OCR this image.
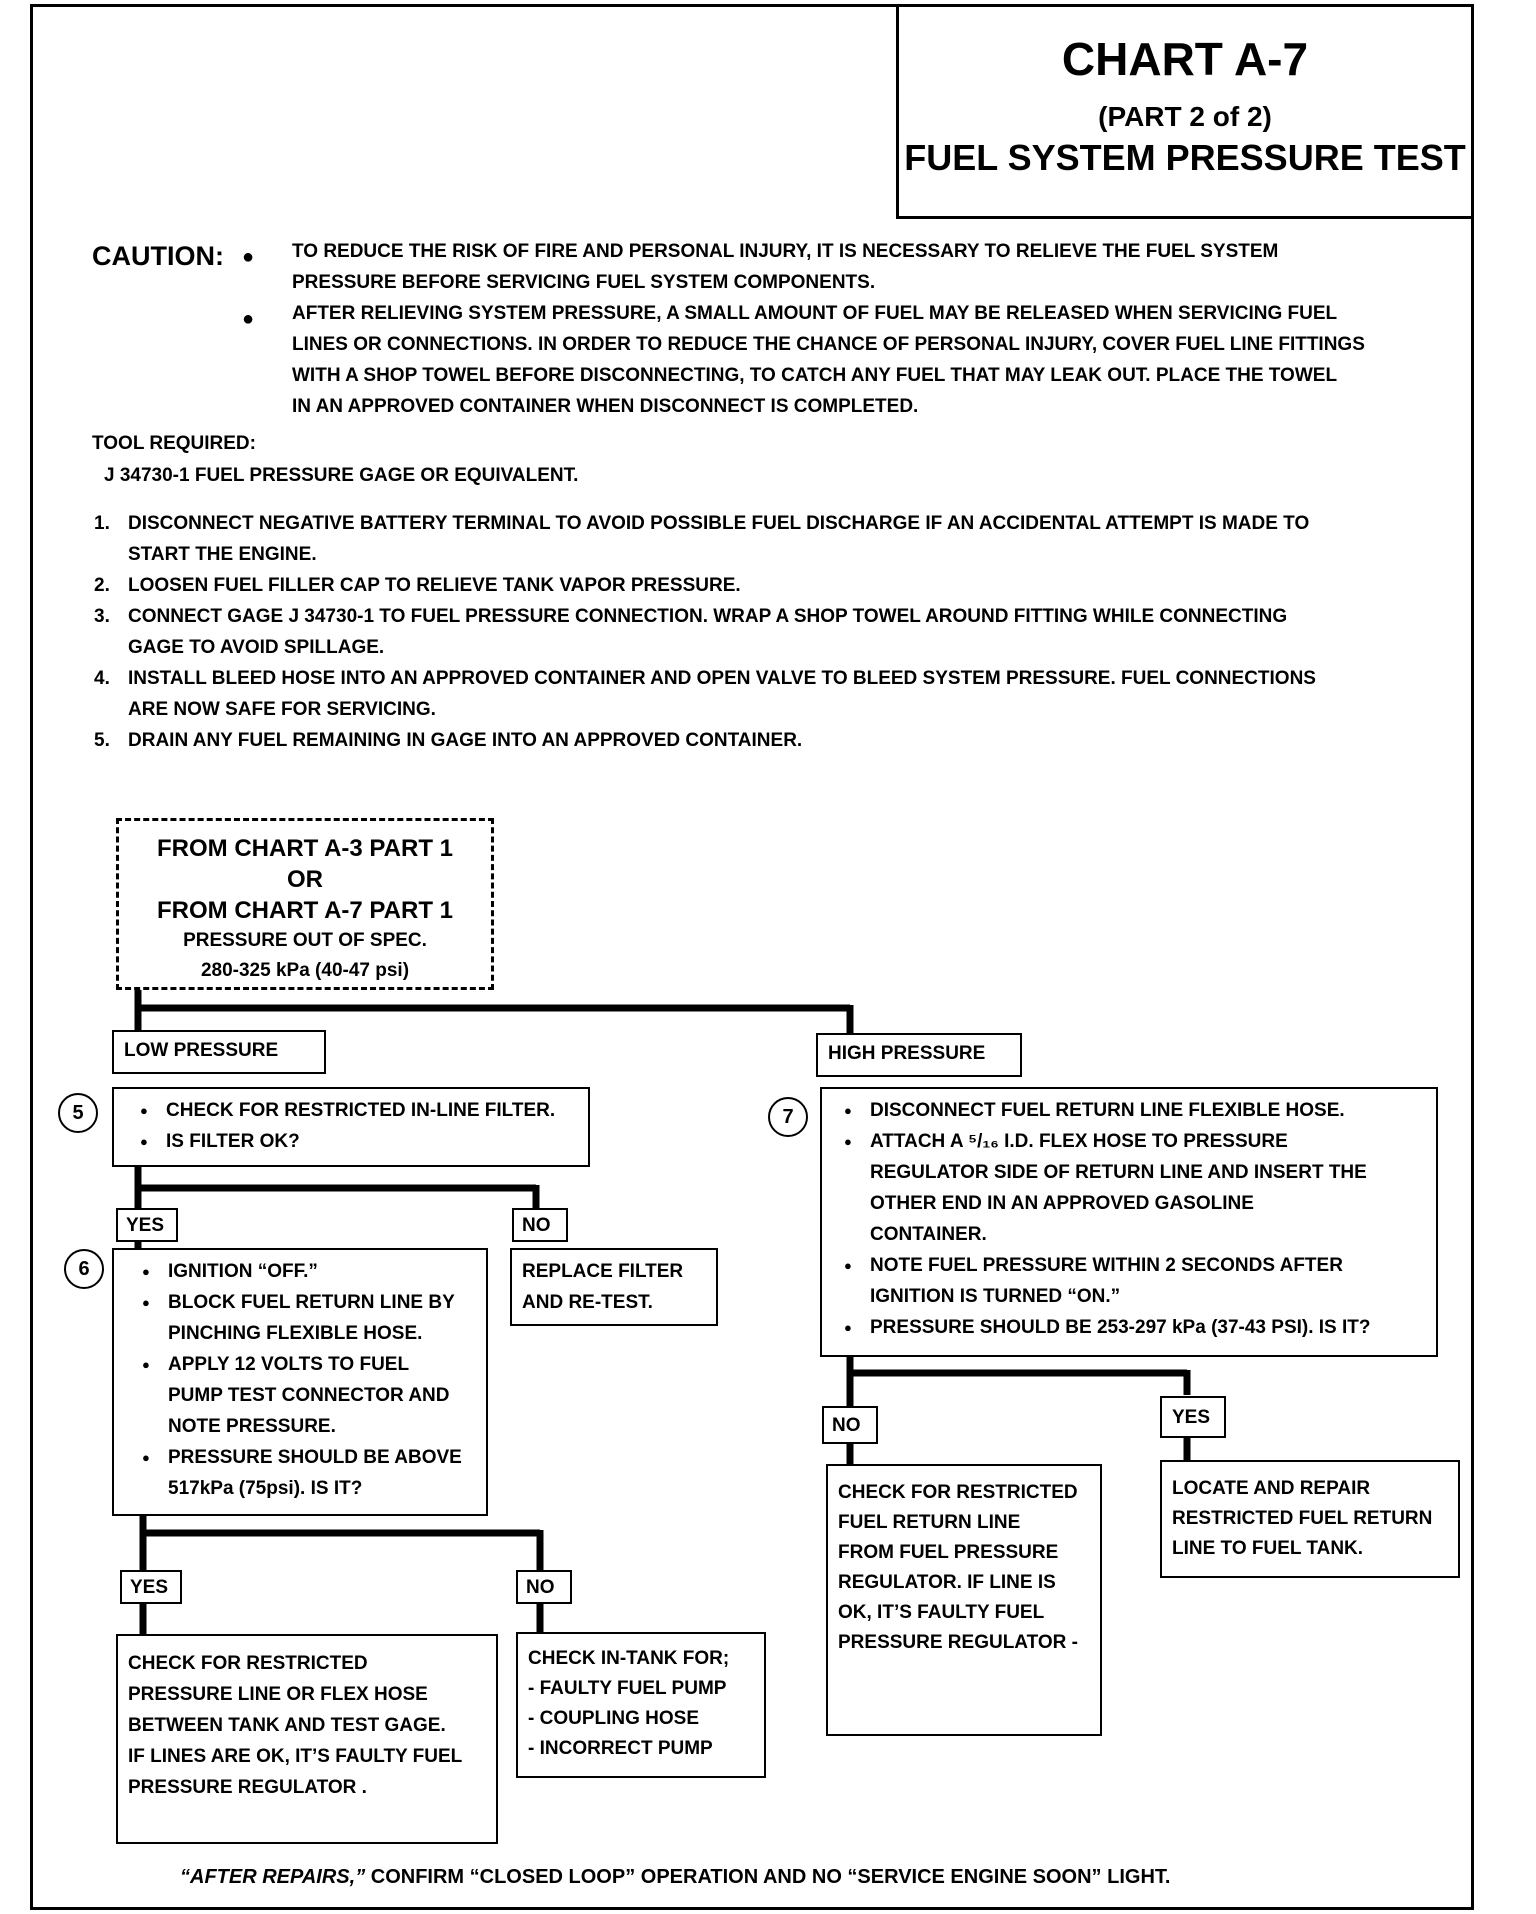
CHART A-7
(PART 2 of 2)
FUEL SYSTEM PRESSURE TEST
CAUTION: ● TO REDUCE THE RISK OF FIRE AND PERSONAL INJURY, IT IS NECESSARY TO RELIEVE THE FUEL SYSTEM
PRESSURE BEFORE SERVICING FUEL SYSTEM COMPONENTS.
● AFTER RELIEVING SYSTEM PRESSURE, A SMALL AMOUNT OF FUEL MAY BE RELEASED WHEN SERVICING FUEL
LINES OR CONNECTIONS. IN ORDER TO REDUCE THE CHANCE OF PERSONAL INJURY, COVER FUEL LINE FITTINGS
WITH A SHOP TOWEL BEFORE DISCONNECTING, TO CATCH ANY FUEL THAT MAY LEAK OUT. PLACE THE TOWEL
IN AN APPROVED CONTAINER WHEN DISCONNECT IS COMPLETED.
TOOL REQUIRED:
J 34730-1 FUEL PRESSURE GAGE OR EQUIVALENT.
1. DISCONNECT NEGATIVE BATTERY TERMINAL TO AVOID POSSIBLE FUEL DISCHARGE IF AN ACCIDENTAL ATTEMPT IS MADE TO
START THE ENGINE.
2. LOOSEN FUEL FILLER CAP TO RELIEVE TANK VAPOR PRESSURE.
3. CONNECT GAGE J 34730-1 TO FUEL PRESSURE CONNECTION. WRAP A SHOP TOWEL AROUND FITTING WHILE CONNECTING
GAGE TO AVOID SPILLAGE.
4. INSTALL BLEED HOSE INTO AN APPROVED CONTAINER AND OPEN VALVE TO BLEED SYSTEM PRESSURE. FUEL CONNECTIONS
ARE NOW SAFE FOR SERVICING.
5. DRAIN ANY FUEL REMAINING IN GAGE INTO AN APPROVED CONTAINER.
FROM CHART A-3 PART 1
OR
FROM CHART A-7 PART 1
PRESSURE OUT OF SPEC.
280-325 kPa (40-47 psi)
LOW PRESSURE	HIGH PRESSURE
5	● CHECK FOR RESTRICTED IN-LINE FILTER.
● IS FILTER OK?
YES	NO
REPLACE FILTER
AND RE-TEST.
6	● IGNITION “OFF.”
● BLOCK FUEL RETURN LINE BY
PINCHING FLEXIBLE HOSE.
● APPLY 12 VOLTS TO FUEL
PUMP TEST CONNECTOR AND
NOTE PRESSURE.
● PRESSURE SHOULD BE ABOVE
517kPa (75psi). IS IT?
YES	NO
CHECK FOR RESTRICTED
PRESSURE LINE OR FLEX HOSE
BETWEEN TANK AND TEST GAGE.
IF LINES ARE OK, IT’S FAULTY FUEL
PRESSURE REGULATOR .
CHECK IN-TANK FOR;
- FAULTY FUEL PUMP
- COUPLING HOSE
- INCORRECT PUMP
7	● DISCONNECT FUEL RETURN LINE FLEXIBLE HOSE.
● ATTACH A ⁵/₁₆ I.D. FLEX HOSE TO PRESSURE
REGULATOR SIDE OF RETURN LINE AND INSERT THE
OTHER END IN AN APPROVED GASOLINE
CONTAINER.
● NOTE FUEL PRESSURE WITHIN 2 SECONDS AFTER
IGNITION IS TURNED “ON.”
● PRESSURE SHOULD BE 253-297 kPa (37-43 PSI). IS IT?
NO	YES
CHECK FOR RESTRICTED
FUEL RETURN LINE
FROM FUEL PRESSURE
REGULATOR. IF LINE IS
OK, IT’S FAULTY FUEL
PRESSURE REGULATOR -
LOCATE AND REPAIR
RESTRICTED FUEL RETURN
LINE TO FUEL TANK.
“AFTER REPAIRS,” CONFIRM “CLOSED LOOP” OPERATION AND NO “SERVICE ENGINE SOON” LIGHT.
